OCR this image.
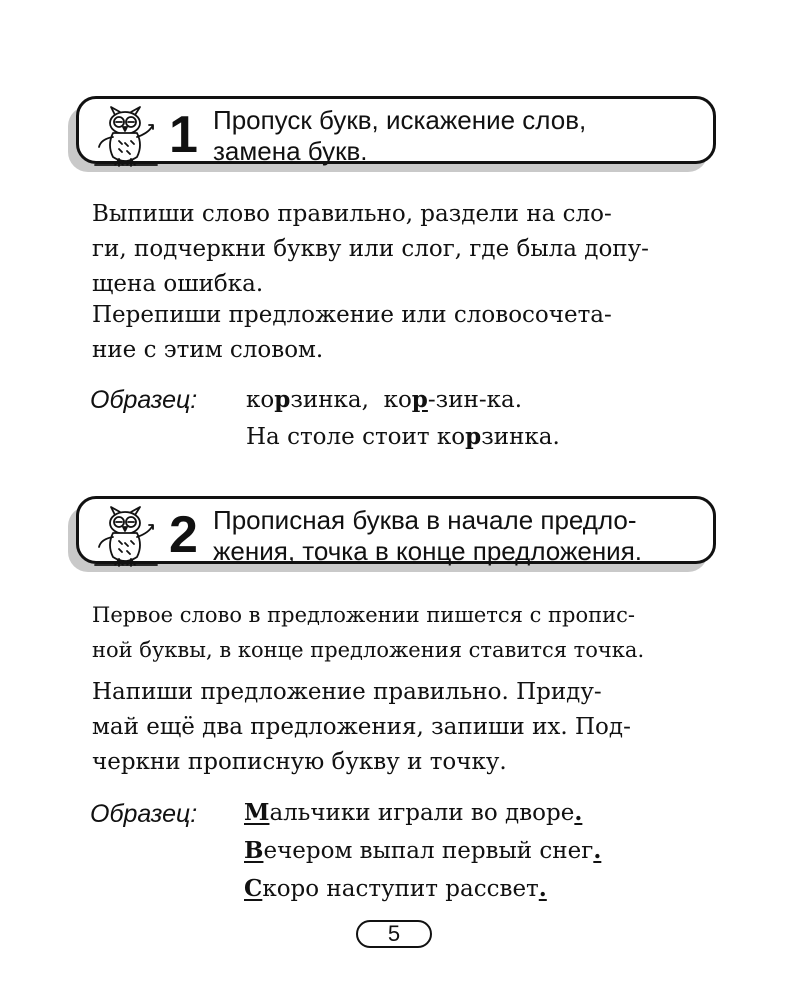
1 Пропуск букв, искажение слов,
замена букв.
Выпиши слово правильно, раздели на сло-
ги, подчеркни букву или слог, где была допу-
щена ошибка.
Перепиши предложение или словосочета-
ние с этим словом.
Образец: корзинка,  кор-зин-ка.
На столе стоит корзинка.
2 Прописная буква в начале предло-
жения, точка в конце предложения.
Первое слово в предложении пишется с пропис-
ной буквы, в конце предложения ставится точка.
Напиши предложение правильно. Приду-
май ещё два предложения, запиши их. Под-
черкни прописную букву и точку.
Образец: Мальчики играли во дворе.
Вечером выпал первый снег.
Скоро наступит рассвет.
5
